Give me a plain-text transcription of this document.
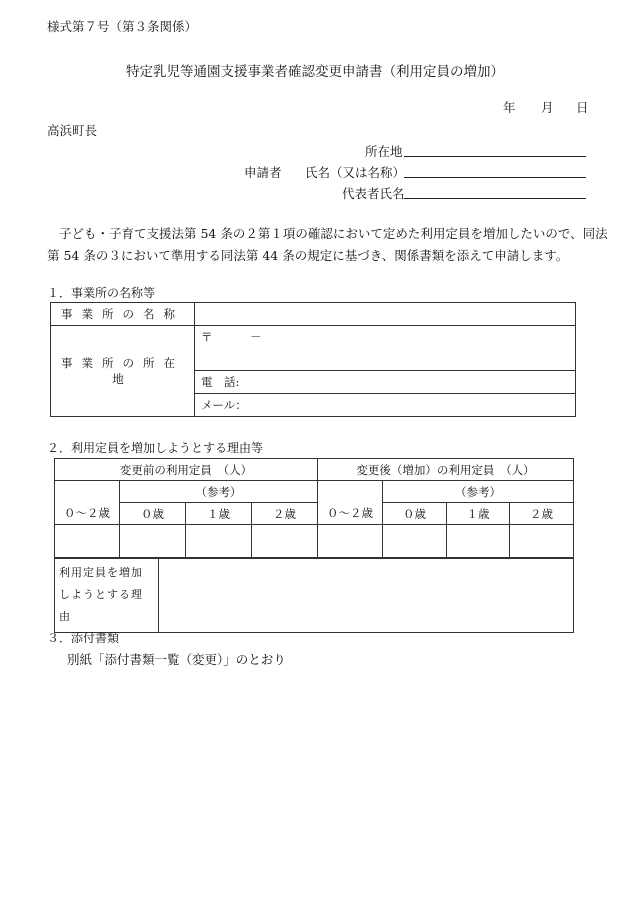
様式第７号（第３条関係）
特定乳児等通園支援事業者確認変更申請書（利用定員の増加）
年 月 日
高浜町長
所在地
申請者 氏名（又は名称）
代表者氏名
子ども・子育て支援法第 54 条の２第１項の確認において定めた利用定員を増加したいので、同法
第 54 条の３において準用する同法第 44 条の規定に基づき、関係書類を添えて申請します。
１．事業所の名称等
事業所の名称	
事業所の所在地	〒 －
	電　話:
	メール：
２．利用定員を増加しようとする理由等
変更前の利用定員　（人）				変更後（増加）の利用定員　（人）			
	（参考）				（参考）		
０～２歳	０歳	１歳	２歳	０～２歳	０歳	１歳	２歳

利用定員を増加
しようとする理由

３．添付書類
別紙「添付書類一覧（変更）」のとおり
